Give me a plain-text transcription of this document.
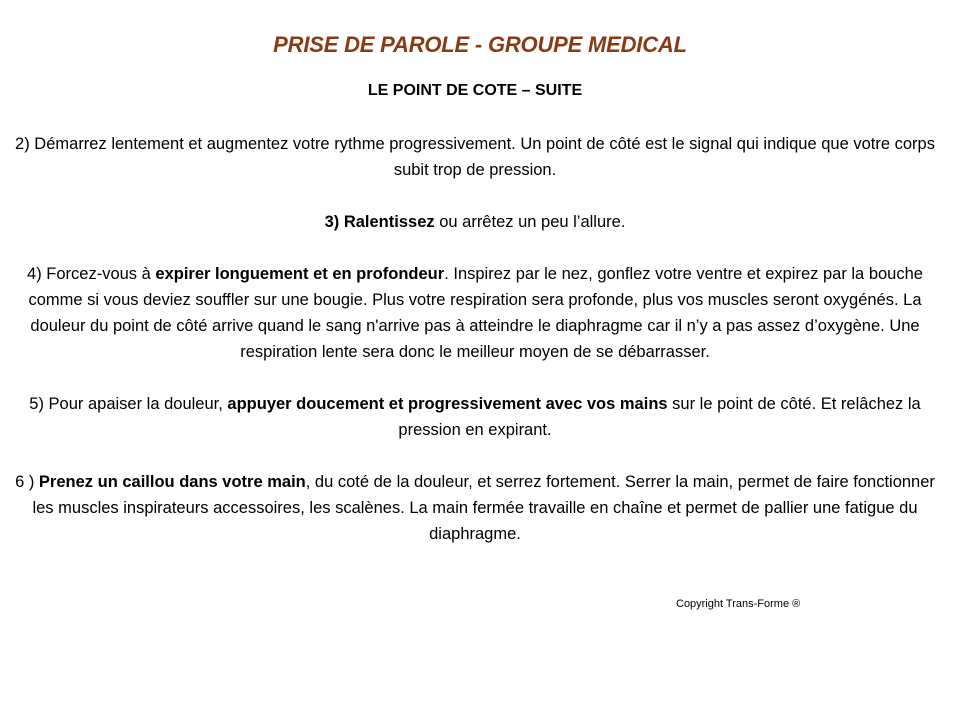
PRISE DE PAROLE - GROUPE MEDICAL
LE POINT DE COTE – SUITE

2) Démarrez lentement et augmentez votre rythme progressivement. Un point de côté est le signal qui indique que votre corps subit trop de pression.

3) Ralentissez ou arrêtez un peu l’allure.

4) Forcez-vous à expirer longuement et en profondeur. Inspirez par le nez, gonflez votre ventre et expirez par la bouche comme si vous deviez souffler sur une bougie. Plus votre respiration sera profonde, plus vos muscles seront oxygénés. La douleur du point de côté arrive quand le sang n'arrive pas à atteindre le diaphragme car il n’y a pas assez d’oxygène. Une respiration lente sera donc le meilleur moyen de se débarrasser.

5) Pour apaiser la douleur, appuyer doucement et progressivement avec vos mains sur le point de côté. Et relâchez la pression en expirant.

6 ) Prenez un caillou dans votre main, du coté de la douleur, et serrez fortement. Serrer la main, permet de faire fonctionner les muscles inspirateurs accessoires, les scalènes. La main fermée travaille en chaîne et permet de pallier une fatigue du diaphragme.

Copyright Trans-Forme ®
